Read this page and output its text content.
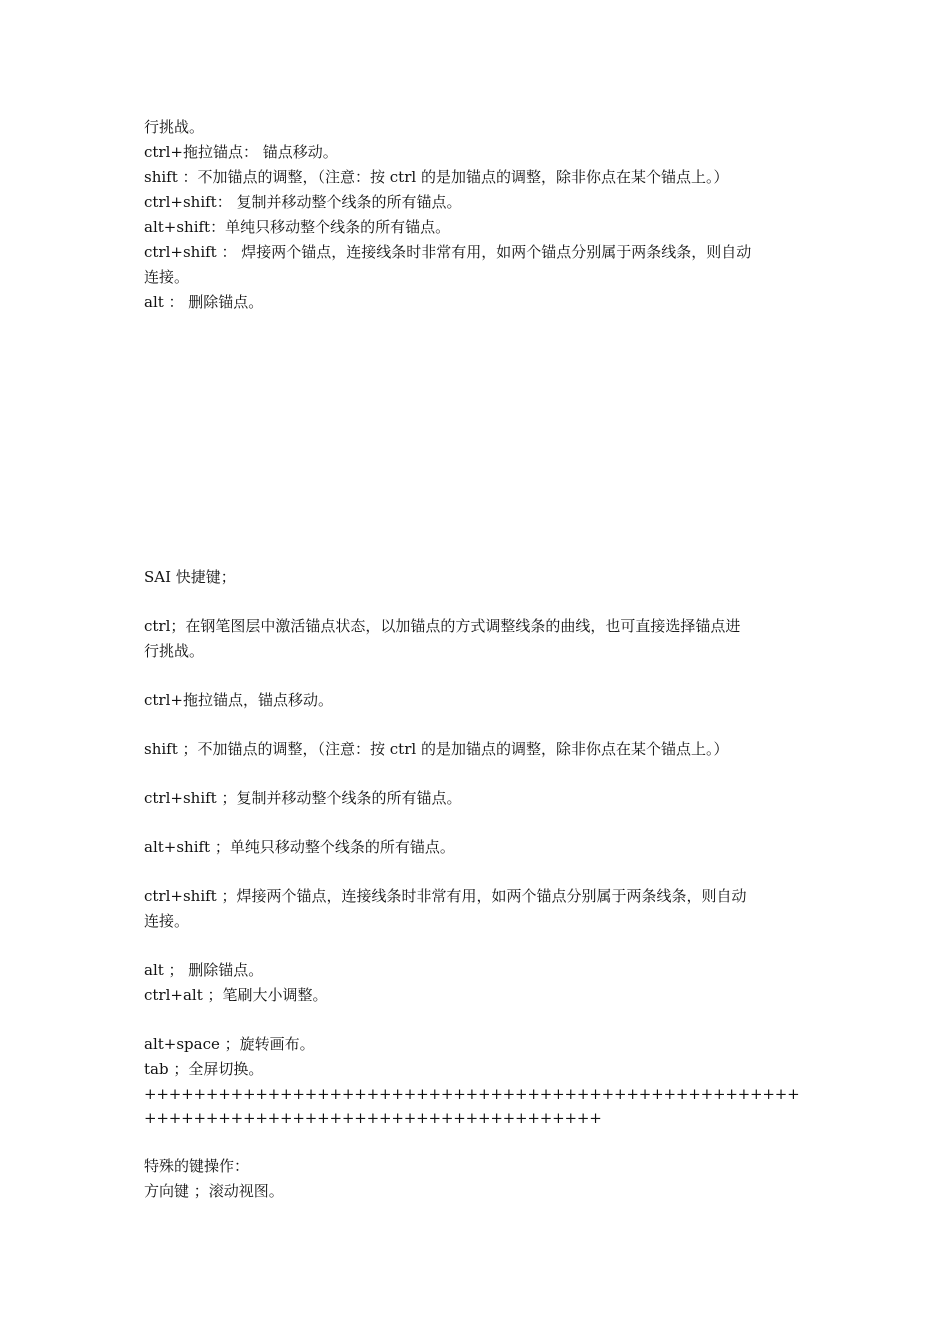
行挑战。
ctrl+拖拉锚点： 锚点移动。
shift ：不加锚点的调整，（注意：按 ctrl 的是加锚点的调整，除非你点在某个锚点上。）
ctrl+shift： 复制并移动整个线条的所有锚点。
alt+shift：单纯只移动整个线条的所有锚点。
ctrl+shift ： 焊接两个锚点，连接线条时非常有用，如两个锚点分别属于两条线条，则自动
连接。
alt ： 删除锚点。
SAI 快捷键；
ctrl；在钢笔图层中激活锚点状态，以加锚点的方式调整线条的曲线，也可直接选择锚点进
行挑战。
ctrl+拖拉锚点，锚点移动。
shift ；不加锚点的调整，（注意：按 ctrl 的是加锚点的调整，除非你点在某个锚点上。）
ctrl+shift ；复制并移动整个线条的所有锚点。
alt+shift ；单纯只移动整个线条的所有锚点。
ctrl+shift ；焊接两个锚点，连接线条时非常有用，如两个锚点分别属于两条线条，则自动
连接。
alt ； 删除锚点。
ctrl+alt ；笔刷大小调整。
alt+space ；旋转画布。
tab ；全屏切换。
++++++++++++++++++++++++++++++++++++++++++++++++++++++++++++++++++++++++++++++++++++++++++
特殊的键操作：
方向键 ；滚动视图。
